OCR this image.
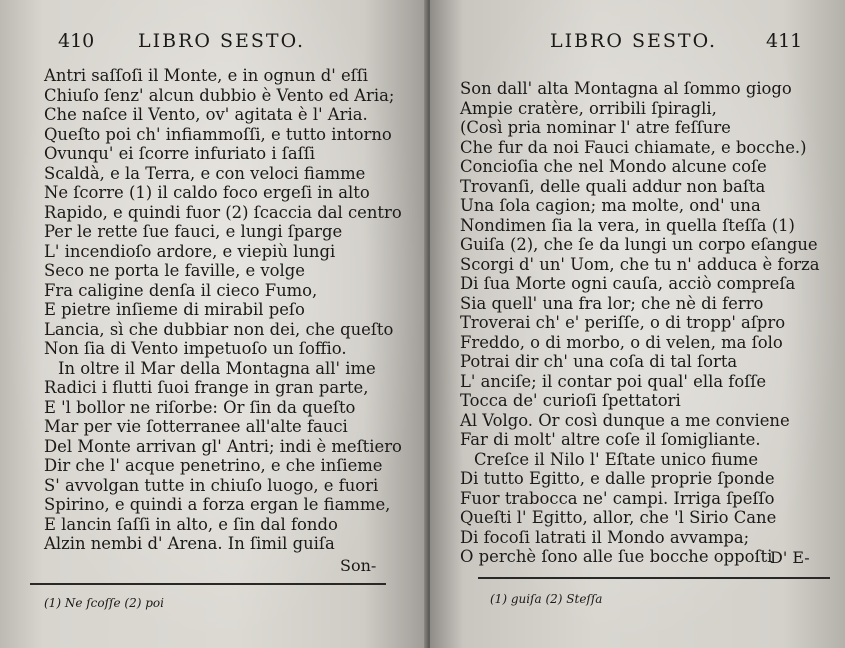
410 LIBRO SESTO.
Antri saſſoſi il Monte, e in ognun d' eſſi
Chiuſo ſenz' alcun dubbio è Vento ed Aria;
Che naſce il Vento, ov' agitata è l' Aria.
Queſto poi ch' infiammoſſi, e tutto intorno
Ovunqu' ei ſcorre infuriato i ſaſſi
Scaldà, e la Terra, e con veloci fiamme
Ne ſcorre (1) il caldo foco ergeſi in alto
Rapido, e quindi fuor (2) ſcaccia dal centro
Per le rette ſue fauci, e lungi ſparge
L' incendioſo ardore, e viepiù lungi
Seco ne porta le faville, e volge
Fra caligine denſa il cieco Fumo,
E pietre inſieme di mirabil peſo
Lancia, sì che dubbiar non dei, che queſto
Non ſia di Vento impetuoſo un ſoffio.
In oltre il Mar della Montagna all' ime
Radici i flutti ſuoi frange in gran parte,
E 'l bollor ne riſorbe: Or ſin da queſto
Mar per vie ſotterranee all'alte fauci
Del Monte arrivan gl' Antri; indi è meſtiero
Dir che l' acque penetrino, e che inſieme
S' avvolgan tutte in chiuſo luogo, e fuori
Spirino, e quindi a forza ergan le fiamme,
E lancin ſaſſi in alto, e ſin dal fondo
Alzin nembi d' Arena. In ſimil guiſa
Son-
(1) Ne ſcoſſe (2) poi
LIBRO SESTO.	411
Son dall' alta Montagna al ſommo giogo
Ampie cratère, orribili ſpiragli,
(Così pria nominar l' atre feſſure
Che fur da noi Fauci chiamate, e bocche.)
Concioſia che nel Mondo alcune coſe
Trovanſi, delle quali addur non baſta
Una ſola cagion; ma molte, ond' una
Nondimen ſia la vera, in quella ſteſſa (1)
Guiſa (2), che ſe da lungi un corpo eſangue
Scorgi d' un' Uom, che tu n' adduca è forza
Di ſua Morte ogni cauſa, acciò compreſa
Sia quell' una fra lor; che nè di ferro
Troverai ch' e' periſſe, o di tropp' aſpro
Freddo, o di morbo, o di velen, ma ſolo
Potrai dir ch' una coſa di tal ſorta
L' anciſe; il contar poi qual' ella foſſe
Tocca de' curioſi ſpettatori
Al Volgo. Or così dunque a me conviene
Far di molt' altre coſe il ſomigliante.
Creſce il Nilo l' Eſtate unico fiume
Di tutto Egitto, e dalle proprie ſponde
Fuor trabocca ne' campi. Irriga ſpeſſo
Queſti l' Egitto, allor, che 'l Sirio Cane
Di focoſi latrati il Mondo avvampa;
O perchè ſono alle ſue bocche oppoſti
D' E-
(1) guiſa (2) Steſſa
